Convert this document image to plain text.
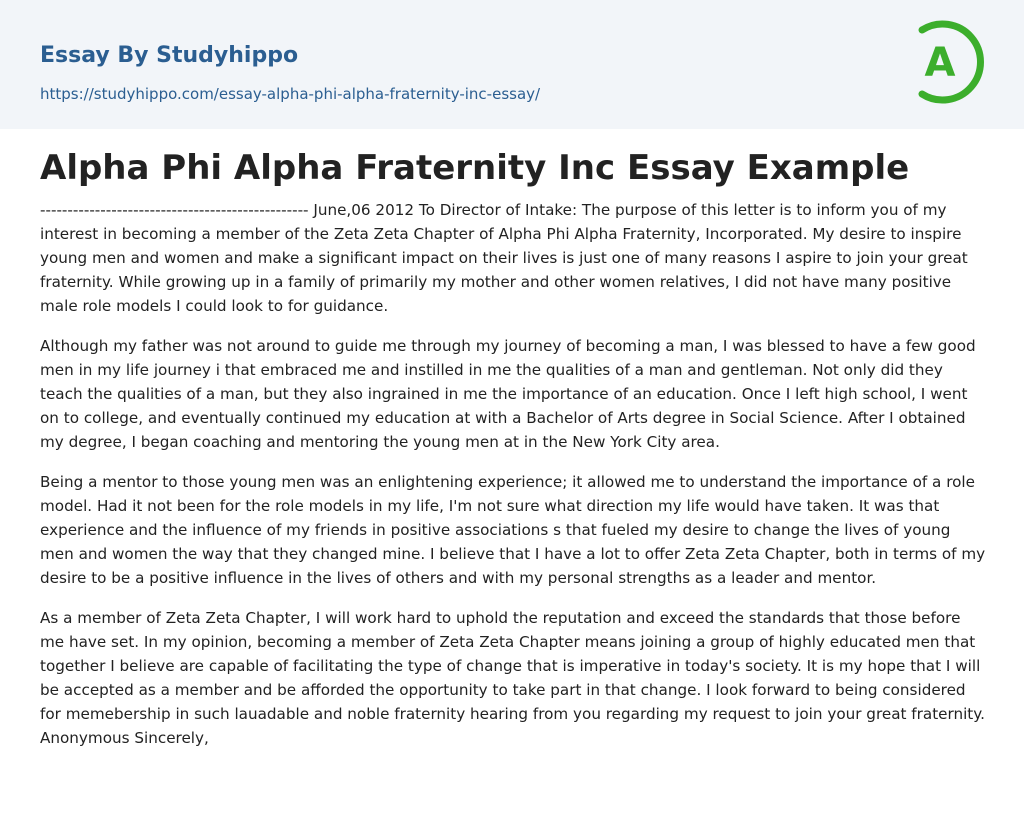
Essay By Studyhippo
https://studyhippo.com/essay-alpha-phi-alpha-fraternity-inc-essay/
A
Alpha Phi Alpha Fraternity Inc Essay Example

------------------------------------------------- June,06 2012 To Director of Intake: The purpose of this letter is to inform you of my interest in becoming a member of the Zeta Zeta Chapter of Alpha Phi Alpha Fraternity, Incorporated. My desire to inspire young men and women and make a significant impact on their lives is just one of many reasons I aspire to join your great fraternity. While growing up in a family of primarily my mother and other women relatives, I did not have many positive male role models I could look to for guidance.

Although my father was not around to guide me through my journey of becoming a man, I was blessed to have a few good men in my life journey i that embraced me and instilled in me the qualities of a man and gentleman. Not only did they teach the qualities of a man, but they also ingrained in me the importance of an education. Once I left high school, I went on to college, and eventually continued my education at with a Bachelor of Arts degree in Social Science. After I obtained my degree, I began coaching and mentoring the young men at in the New York City area.

Being a mentor to those young men was an enlightening experience; it allowed me to understand the importance of a role model. Had it not been for the role models in my life, I'm not sure what direction my life would have taken. It was that experience and the influence of my friends in positive associations s that fueled my desire to change the lives of young men and women the way that they changed mine. I believe that I have a lot to offer Zeta Zeta Chapter, both in terms of my desire to be a positive influence in the lives of others and with my personal strengths as a leader and mentor.

As a member of Zeta Zeta Chapter, I will work hard to uphold the reputation and exceed the standards that those before me have set. In my opinion, becoming a member of Zeta Zeta Chapter means joining a group of highly educated men that together I believe are capable of facilitating the type of change that is imperative in today's society. It is my hope that I will be accepted as a member and be afforded the opportunity to take part in that change. I look forward to being considered for memebership in such lauadable and noble fraternity hearing from you regarding my request to join your great fraternity. Anonymous Sincerely,
